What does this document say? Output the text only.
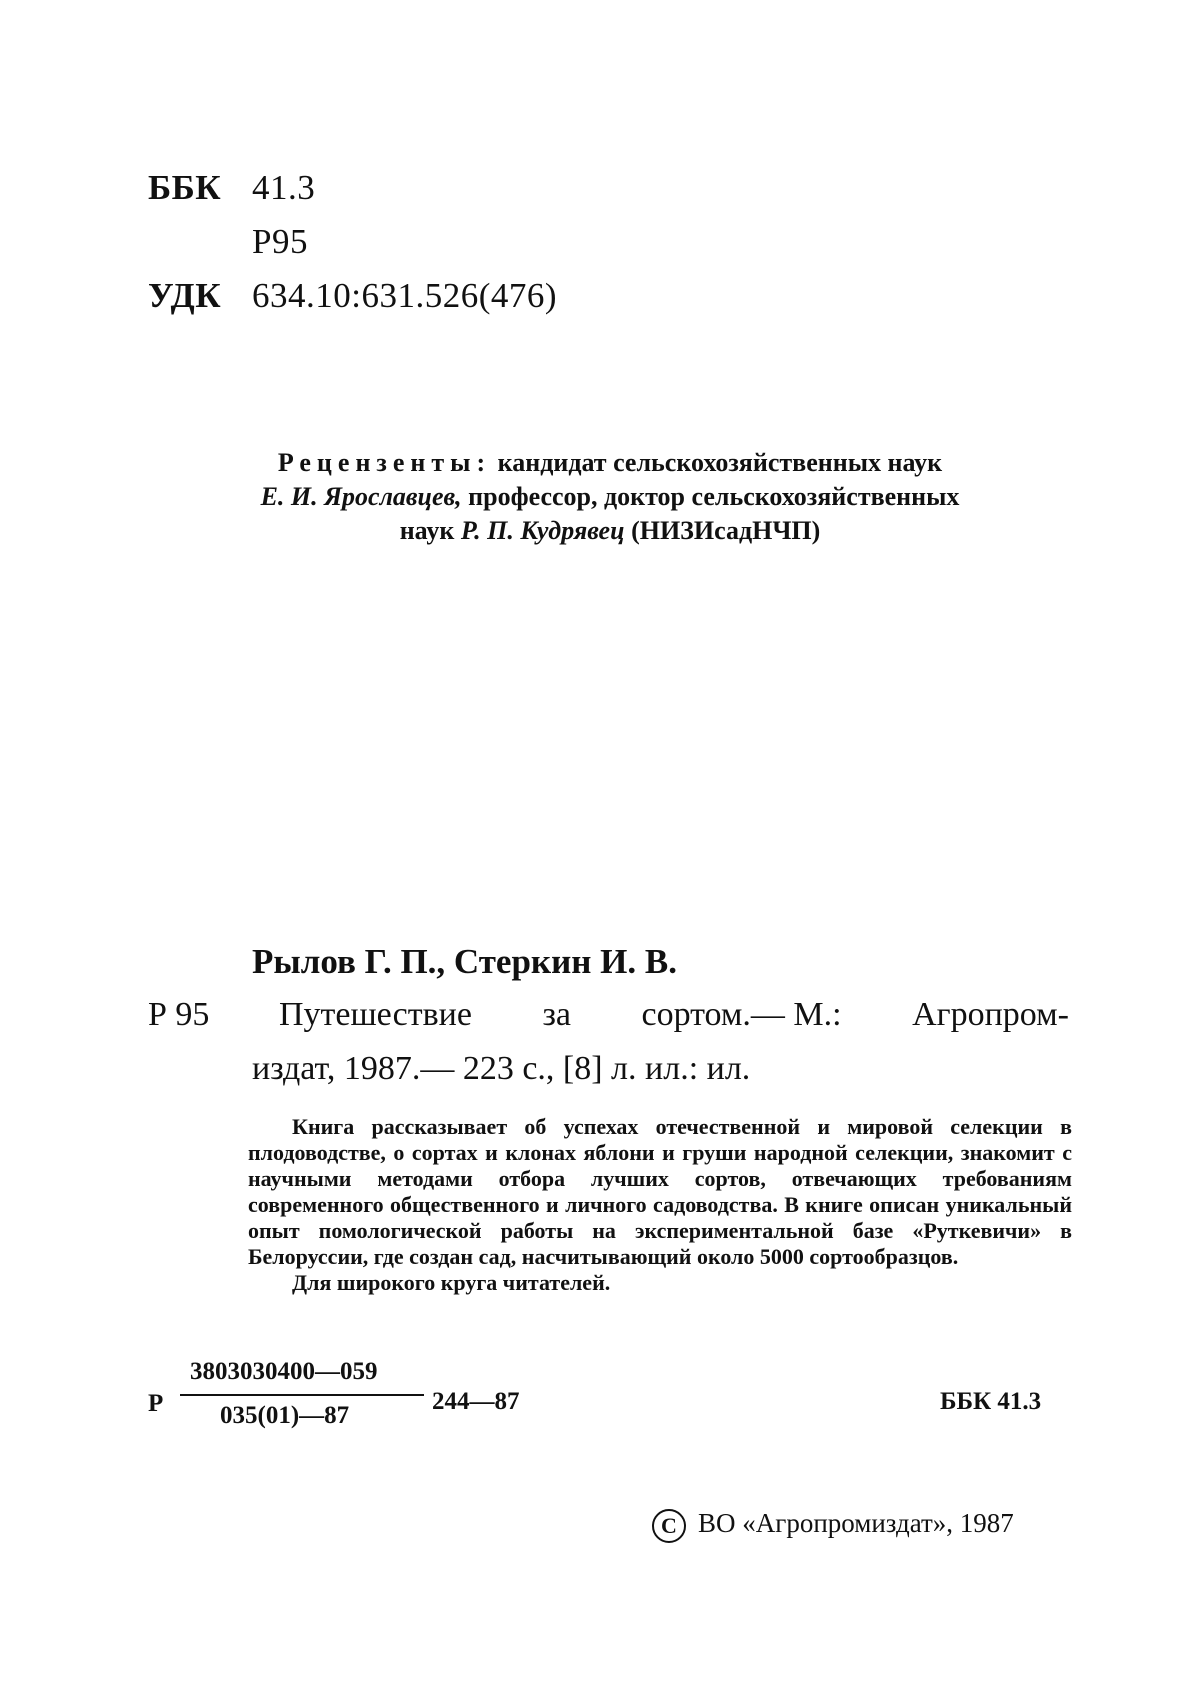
ББК 41.3
Р95
УДК 634.10:631.526(476)
Рецензенты: кандидат сельскохозяйственных наук
Е. И. Ярославцев, профессор, доктор сельскохозяйственных
наук Р. П. Кудрявец (НИЗИсадНЧП)
Рылов Г. П., Стеркин И. В.
Р 95 Путешествие за сортом.— М.: Агропром-
издат, 1987.— 223 с., [8] л. ил.: ил.

Книга рассказывает об успехах отечественной и мировой селекции в плодоводстве, о сортах и клонах яблони и груши народной селекции, знакомит с научными методами отбора лучших сортов, отвечающих требованиям современного общественного и личного садоводства. В книге описан уникальный опыт помологической работы на экспериментальной базе «Руткевичи» в Белоруссии, где создан сад, насчитывающий около 5000 сортообразцов.

Для широкого круга читателей.

Р
3803030400—059
035(01)—87
244—87	ББК 41.3
C ВО «Агропромиздат», 1987
